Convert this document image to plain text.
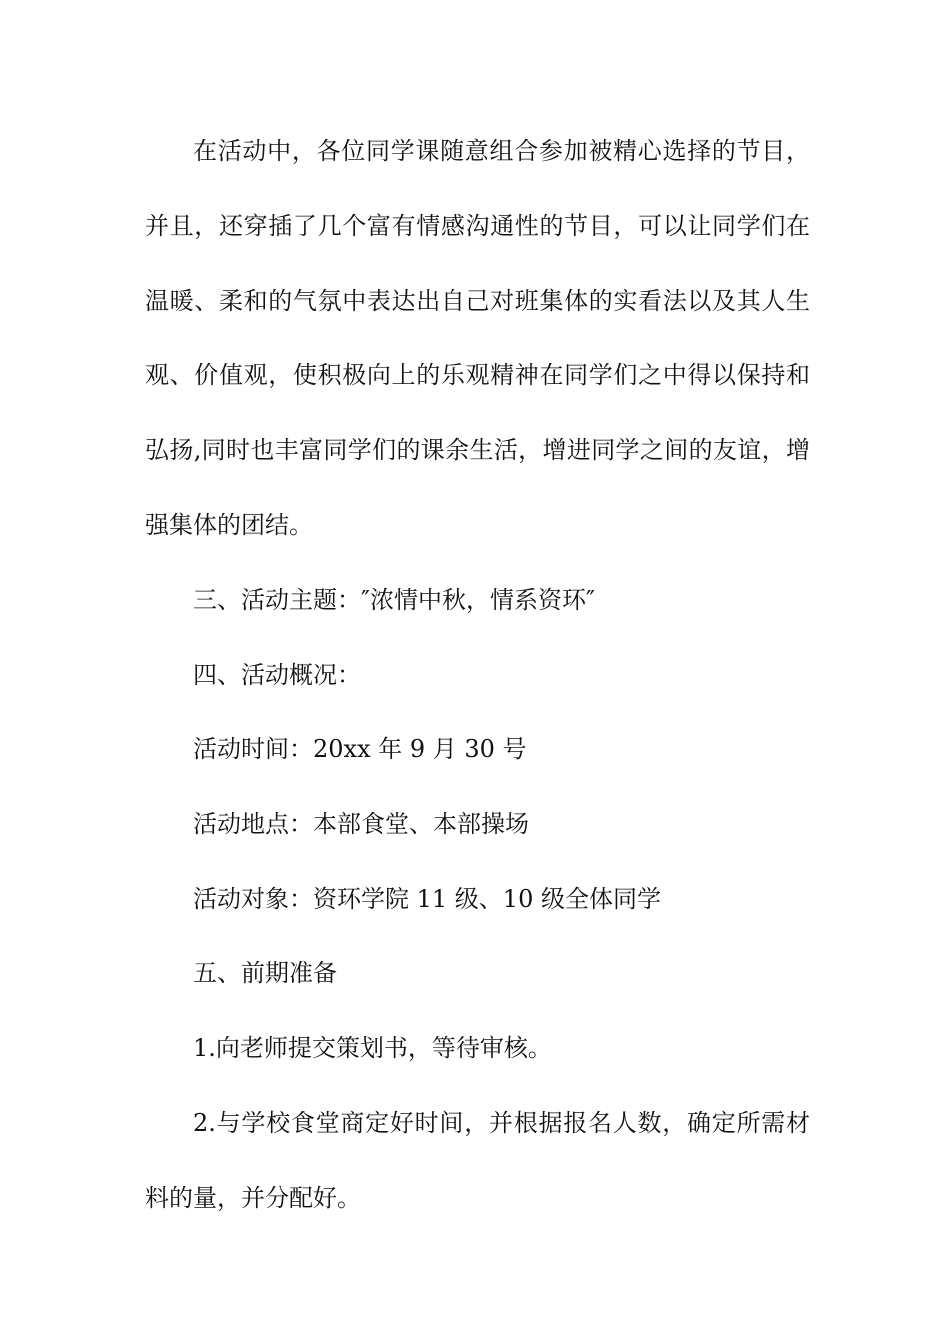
在活动中，各位同学课随意组合参加被精心选择的节目，
并且，还穿插了几个富有情感沟通性的节目，可以让同学们在
温暖、柔和的气氛中表达出自己对班集体的实看法以及其人生
观、价值观，使积极向上的乐观精神在同学们之中得以保持和
弘扬,同时也丰富同学们的课余生活，增进同学之间的友谊，增
强集体的团结。
三、活动主题：″浓情中秋，情系资环″
四、活动概况：
活动时间：20xx 年 9 月 30 号
活动地点：本部食堂、本部操场
活动对象：资环学院 11 级、10 级全体同学
五、前期准备
1.向老师提交策划书，等待审核。
2.与学校食堂商定好时间，并根据报名人数，确定所需材
料的量，并分配好。
